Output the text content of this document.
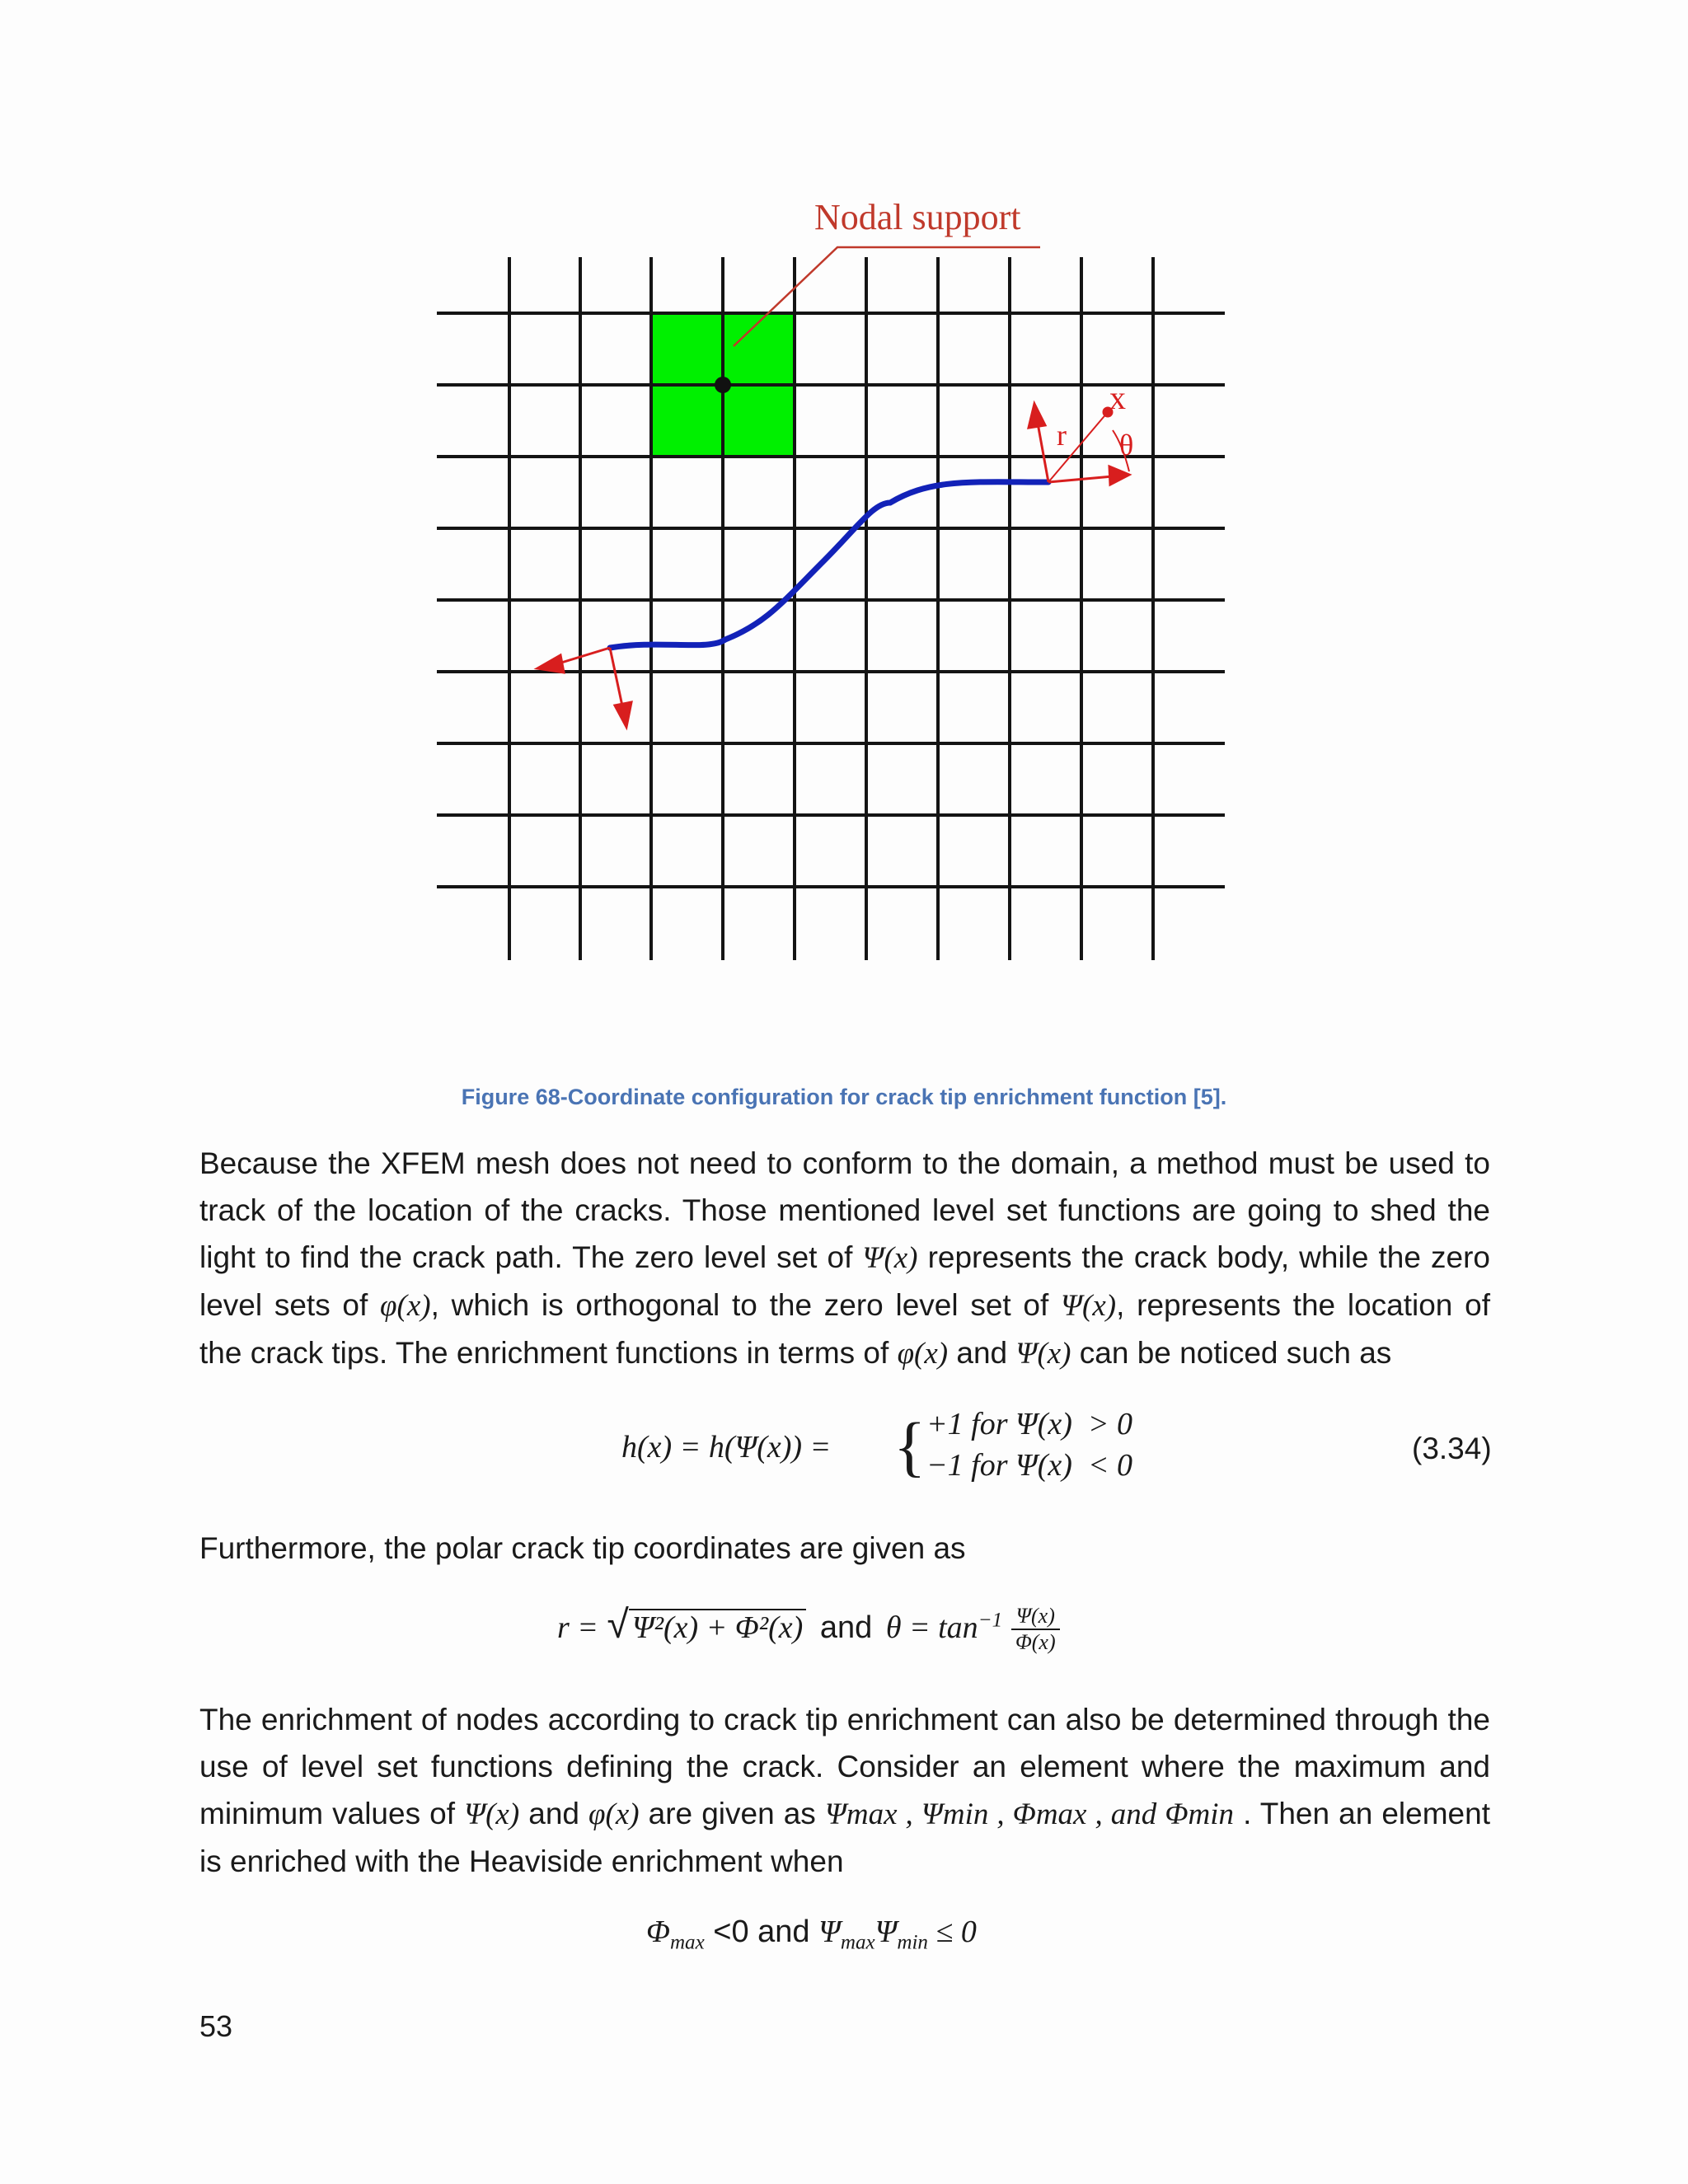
Nodal support
r
x
θ
Figure 68-Coordinate configuration for crack tip enrichment function [5].
Because the XFEM mesh does not need to conform to the domain, a method must be used to
track of the location of the cracks. Those mentioned level set functions are going to shed the
light to find the crack path. The zero level set of Ψ(x) represents the crack body, while the zero
level sets of φ(x), which is orthogonal to the zero level set of Ψ(x), represents the location of
the crack tips. The enrichment functions in terms of φ(x) and Ψ(x) can be noticed such as
h(x) = h(Ψ(x)) = { +1 for Ψ(x)  > 0
−1 for Ψ(x)  < 0	(3.34)
Furthermore, the polar crack tip coordinates are given as
r = √ Ψ²(x) + Φ²(x) and $\theta = \tan^{-1} \frac{\Psi(x)}{\Phi(x)}$
The enrichment of nodes according to crack tip enrichment can also be determined through the
use of level set functions defining the crack. Consider an element where the maximum and
minimum values of Ψ(x) and φ(x) are given as Ψmax , Ψmin , Φmax , and Φmin . Then an element
is enriched with the Heaviside enrichment when
$\Phi_{max} <0$ and $\Psi_{max}\Psi_{min} \le 0$
53
